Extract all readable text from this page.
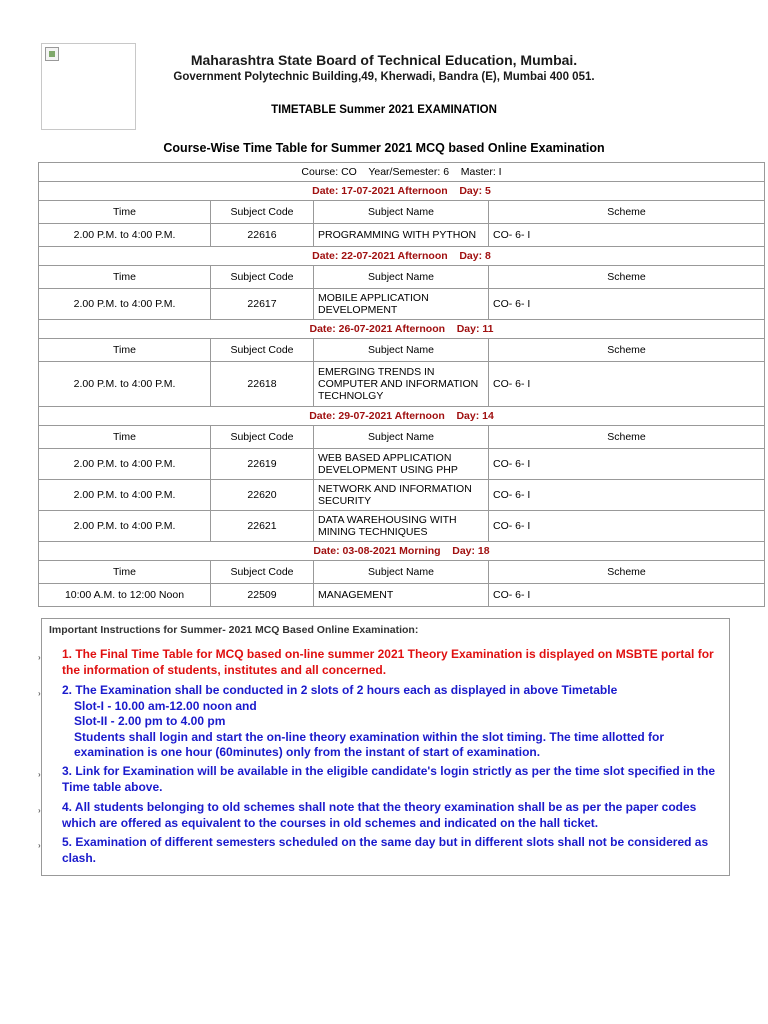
Maharashtra State Board of Technical Education, Mumbai.
Government Polytechnic Building,49, Kherwadi, Bandra (E), Mumbai 400 051.
TIMETABLE Summer 2021 EXAMINATION
Course-Wise Time Table for Summer 2021 MCQ based Online Examination
Course: CO    Year/Semester: 6    Master: I			
Date: 17-07-2021 Afternoon    Day: 5			
Time	Subject Code	Subject Name	Scheme
2.00 P.M. to 4:00 P.M.	22616	PROGRAMMING WITH PYTHON	CO- 6- I
Date: 22-07-2021 Afternoon    Day: 8			
Time	Subject Code	Subject Name	Scheme
2.00 P.M. to 4:00 P.M.	22617	MOBILE APPLICATION DEVELOPMENT	CO- 6- I
Date: 26-07-2021 Afternoon    Day: 11			
Time	Subject Code	Subject Name	Scheme
2.00 P.M. to 4:00 P.M.	22618	EMERGING TRENDS IN COMPUTER AND INFORMATION TECHNOLGY	CO- 6- I
Date: 29-07-2021 Afternoon    Day: 14			
Time	Subject Code	Subject Name	Scheme
2.00 P.M. to 4:00 P.M.	22619	WEB BASED APPLICATION DEVELOPMENT USING PHP	CO- 6- I
2.00 P.M. to 4:00 P.M.	22620	NETWORK AND INFORMATION SECURITY	CO- 6- I
2.00 P.M. to 4:00 P.M.	22621	DATA WAREHOUSING WITH MINING TECHNIQUES	CO- 6- I
Date: 03-08-2021 Morning    Day: 18			
Time	Subject Code	Subject Name	Scheme
10:00 A.M. to 12:00 Noon	22509	MANAGEMENT	CO- 6- I
Important Instructions for Summer- 2021 MCQ Based Online Examination:
› 1. The Final Time Table for MCQ based on-line summer 2021 Theory Examination is displayed on MSBTE portal for the information of students, institutes and all concerned.
› 2. The Examination shall be conducted in 2 slots of 2 hours each as displayed in above Timetable
Slot-I - 10.00 am-12.00 noon and
Slot-II - 2.00 pm to 4.00 pm
Students shall login and start the on-line theory examination within the slot timing. The time allotted for examination is one hour (60minutes) only from the instant of start of examination.
› 3. Link for Examination will be available in the eligible candidate's login strictly as per the time slot specified in the Time table above.
› 4. All students belonging to old schemes shall note that the theory examination shall be as per the paper codes which are offered as equivalent to the courses in old schemes and indicated on the hall ticket.
› 5. Examination of different semesters scheduled on the same day but in different slots shall not be considered as clash.
